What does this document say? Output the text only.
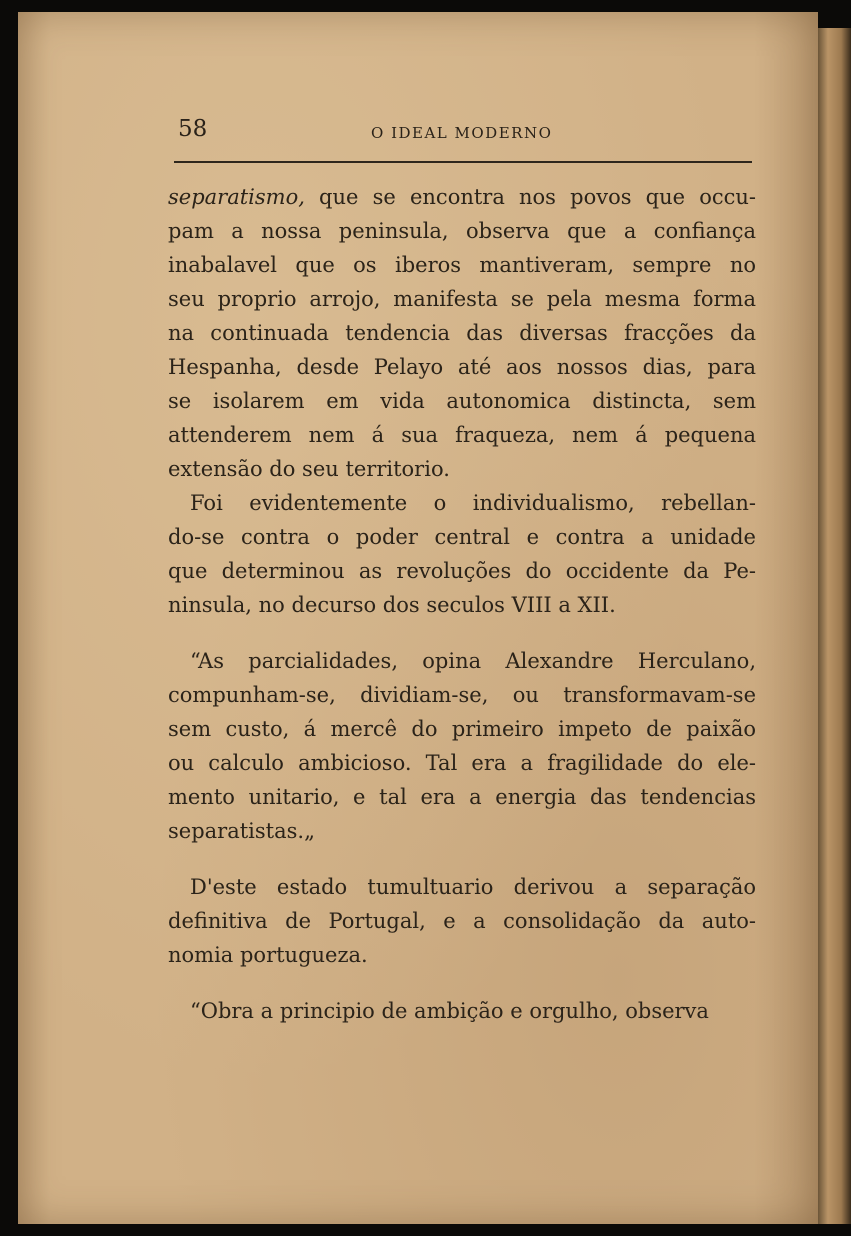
58	O IDEAL MODERNO
separatismo, que se encontra nos povos que occu-
pam a nossa peninsula, observa que a confiança
inabalavel que os iberos mantiveram, sempre no
seu proprio arrojo, manifesta se pela mesma forma
na continuada tendencia das diversas fracções da
Hespanha, desde Pelayo até aos nossos dias, para
se isolarem em vida autonomica distincta, sem
attenderem nem á sua fraqueza, nem á pequena
extensão do seu territorio.
Foi evidentemente o individualismo, rebellan-
do-se contra o poder central e contra a unidade
que determinou as revoluções do occidente da Pe-
ninsula, no decurso dos seculos VIII a XII.
“As parcialidades, opina Alexandre Herculano,
compunham-se, dividiam-se, ou transformavam-se
sem custo, á mercê do primeiro impeto de paixão
ou calculo ambicioso. Tal era a fragilidade do ele-
mento unitario, e tal era a energia das tendencias
separatistas.„
D'este estado tumultuario derivou a separação
definitiva de Portugal, e a consolidação da auto-
nomia portugueza.
“Obra a principio de ambição e orgulho, observa
